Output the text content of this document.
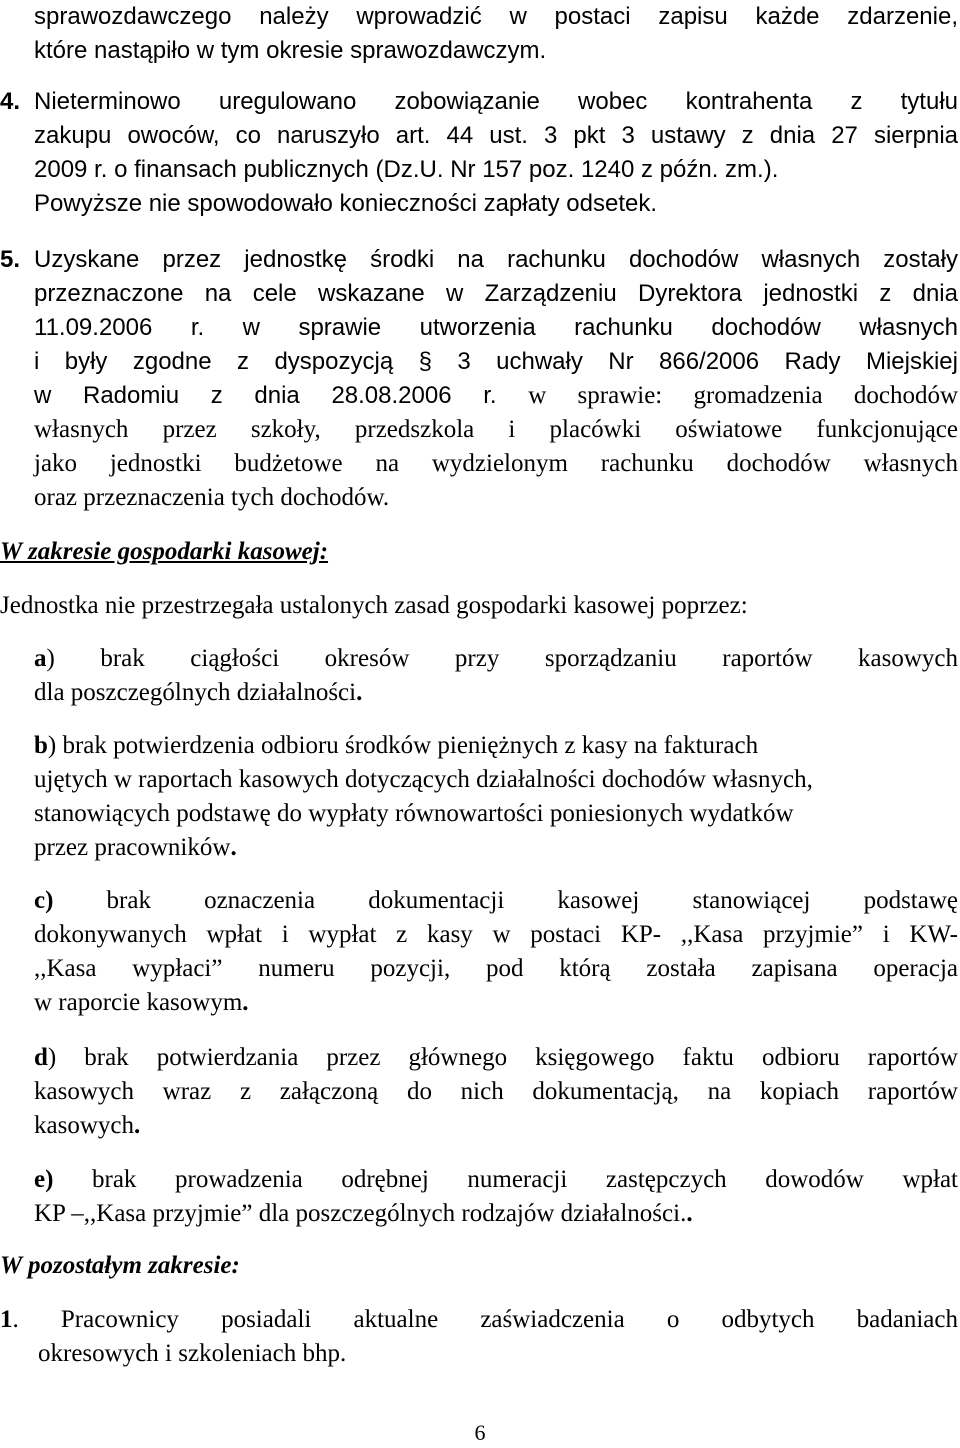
sprawozdawczego należy wprowadzić w postaci zapisu każde zdarzenie,
które nastąpiło w tym okresie sprawozdawczym.
4. Nieterminowo uregulowano zobowiązanie wobec kontrahenta z tytułu
zakupu owoców, co naruszyło art. 44 ust. 3 pkt 3 ustawy z dnia 27 sierpnia
2009 r. o finansach publicznych (Dz.U. Nr 157 poz. 1240 z późn. zm.).
Powyższe nie spowodowało konieczności zapłaty odsetek.
5. Uzyskane przez jednostkę środki na rachunku dochodów własnych zostały
przeznaczone na cele wskazane w Zarządzeniu Dyrektora jednostki z dnia
11.09.2006 r. w sprawie utworzenia rachunku dochodów własnych
i były zgodne z dyspozycją § 3 uchwały Nr 866/2006 Rady Miejskiej
w Radomiu z dnia 28.08.2006 r. w sprawie: gromadzenia dochodów
własnych przez szkoły, przedszkola i placówki oświatowe funkcjonujące
jako jednostki budżetowe na wydzielonym rachunku dochodów własnych
oraz przeznaczenia tych dochodów.
W zakresie gospodarki kasowej:
Jednostka nie przestrzegała ustalonych zasad gospodarki kasowej poprzez:
a) brak ciągłości okresów przy sporządzaniu raportów kasowych
dla poszczególnych działalności.
b) brak potwierdzenia odbioru środków pieniężnych z kasy na fakturach
ujętych w raportach kasowych dotyczących działalności dochodów własnych,
stanowiących podstawę do wypłaty równowartości poniesionych wydatków
przez pracowników.
c) brak oznaczenia dokumentacji kasowej stanowiącej podstawę
dokonywanych wpłat i wypłat z kasy w postaci KP- ,,Kasa przyjmie” i KW-
,,Kasa wypłaci” numeru pozycji, pod którą została zapisana operacja
w raporcie kasowym.
d) brak potwierdzania przez głównego księgowego faktu odbioru raportów
kasowych wraz z załączoną do nich dokumentacją, na kopiach raportów
kasowych.
e) brak prowadzenia odrębnej numeracji zastępczych dowodów wpłat
KP –,,Kasa przyjmie” dla poszczególnych rodzajów działalności..
W pozostałym zakresie:
1. Pracownicy posiadali aktualne zaświadczenia o odbytych badaniach
okresowych i szkoleniach bhp.
6
